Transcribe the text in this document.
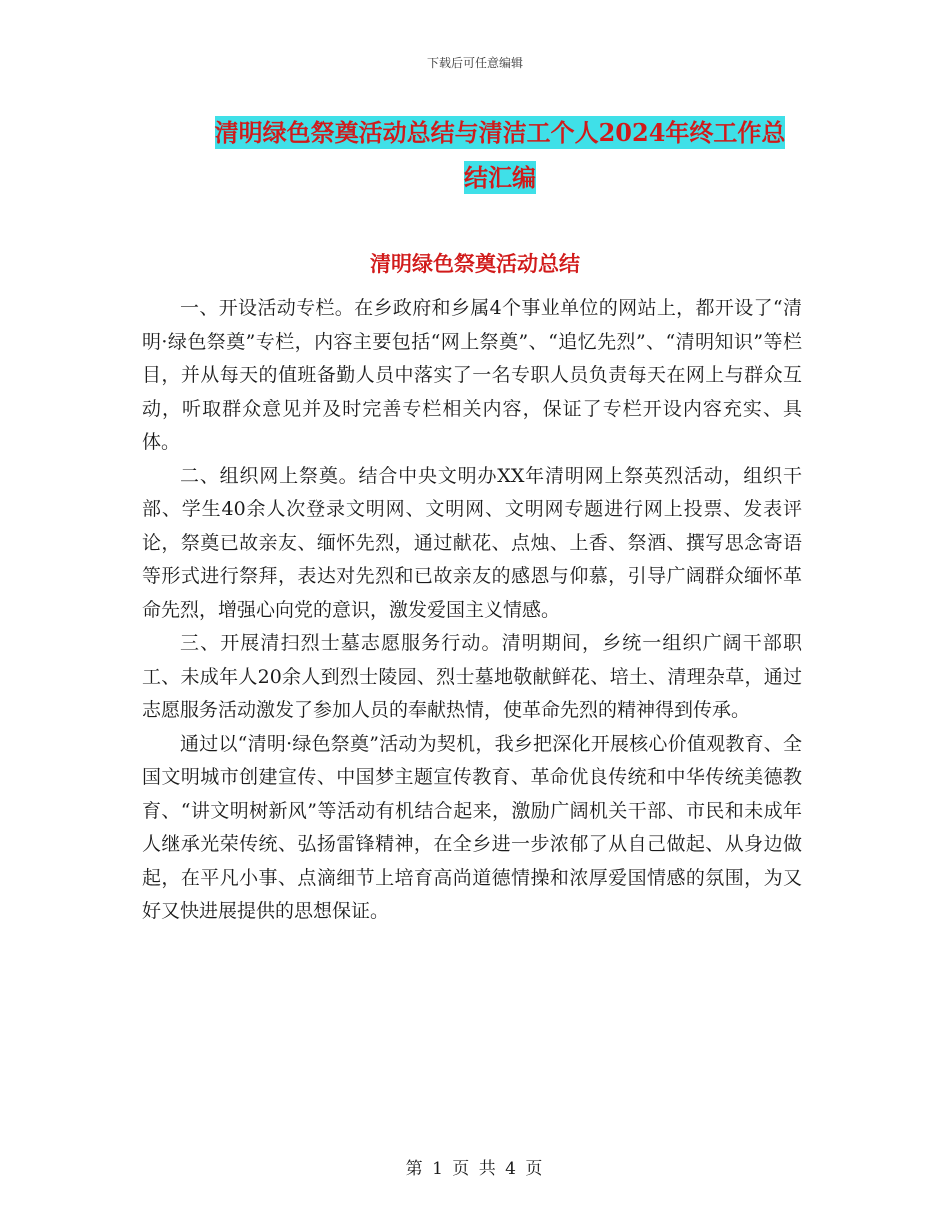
下载后可任意编辑
清明绿色祭奠活动总结与清洁工个人2024年终工作总
结汇编
清明绿色祭奠活动总结

一、开设活动专栏。在乡政府和乡属4个事业单位的网站上，都开设了“清明·绿色祭奠”专栏，内容主要包括“网上祭奠”、“追忆先烈”、“清明知识”等栏目，并从每天的值班备勤人员中落实了一名专职人员负责每天在网上与群众互动，听取群众意见并及时完善专栏相关内容，保证了专栏开设内容充实、具体。

二、组织网上祭奠。结合中央文明办XX年清明网上祭英烈活动，组织干部、学生40余人次登录文明网、文明网、文明网专题进行网上投票、发表评论，祭奠已故亲友、缅怀先烈，通过献花、点烛、上香、祭酒、撰写思念寄语等形式进行祭拜，表达对先烈和已故亲友的感恩与仰慕，引导广阔群众缅怀革命先烈，增强心向党的意识，激发爱国主义情感。

三、开展清扫烈士墓志愿服务行动。清明期间，乡统一组织广阔干部职工、未成年人20余人到烈士陵园、烈士墓地敬献鲜花、培土、清理杂草，通过志愿服务活动激发了参加人员的奉献热情，使革命先烈的精神得到传承。

通过以“清明·绿色祭奠”活动为契机，我乡把深化开展核心价值观教育、全国文明城市创建宣传、中国梦主题宣传教育、革命优良传统和中华传统美德教育、“讲文明树新风”等活动有机结合起来，激励广阔机关干部、市民和未成年人继承光荣传统、弘扬雷锋精神，在全乡进一步浓郁了从自己做起、从身边做起，在平凡小事、点滴细节上培育高尚道德情操和浓厚爱国情感的氛围，为又好又快进展提供的思想保证。

第 1 页 共 4 页
